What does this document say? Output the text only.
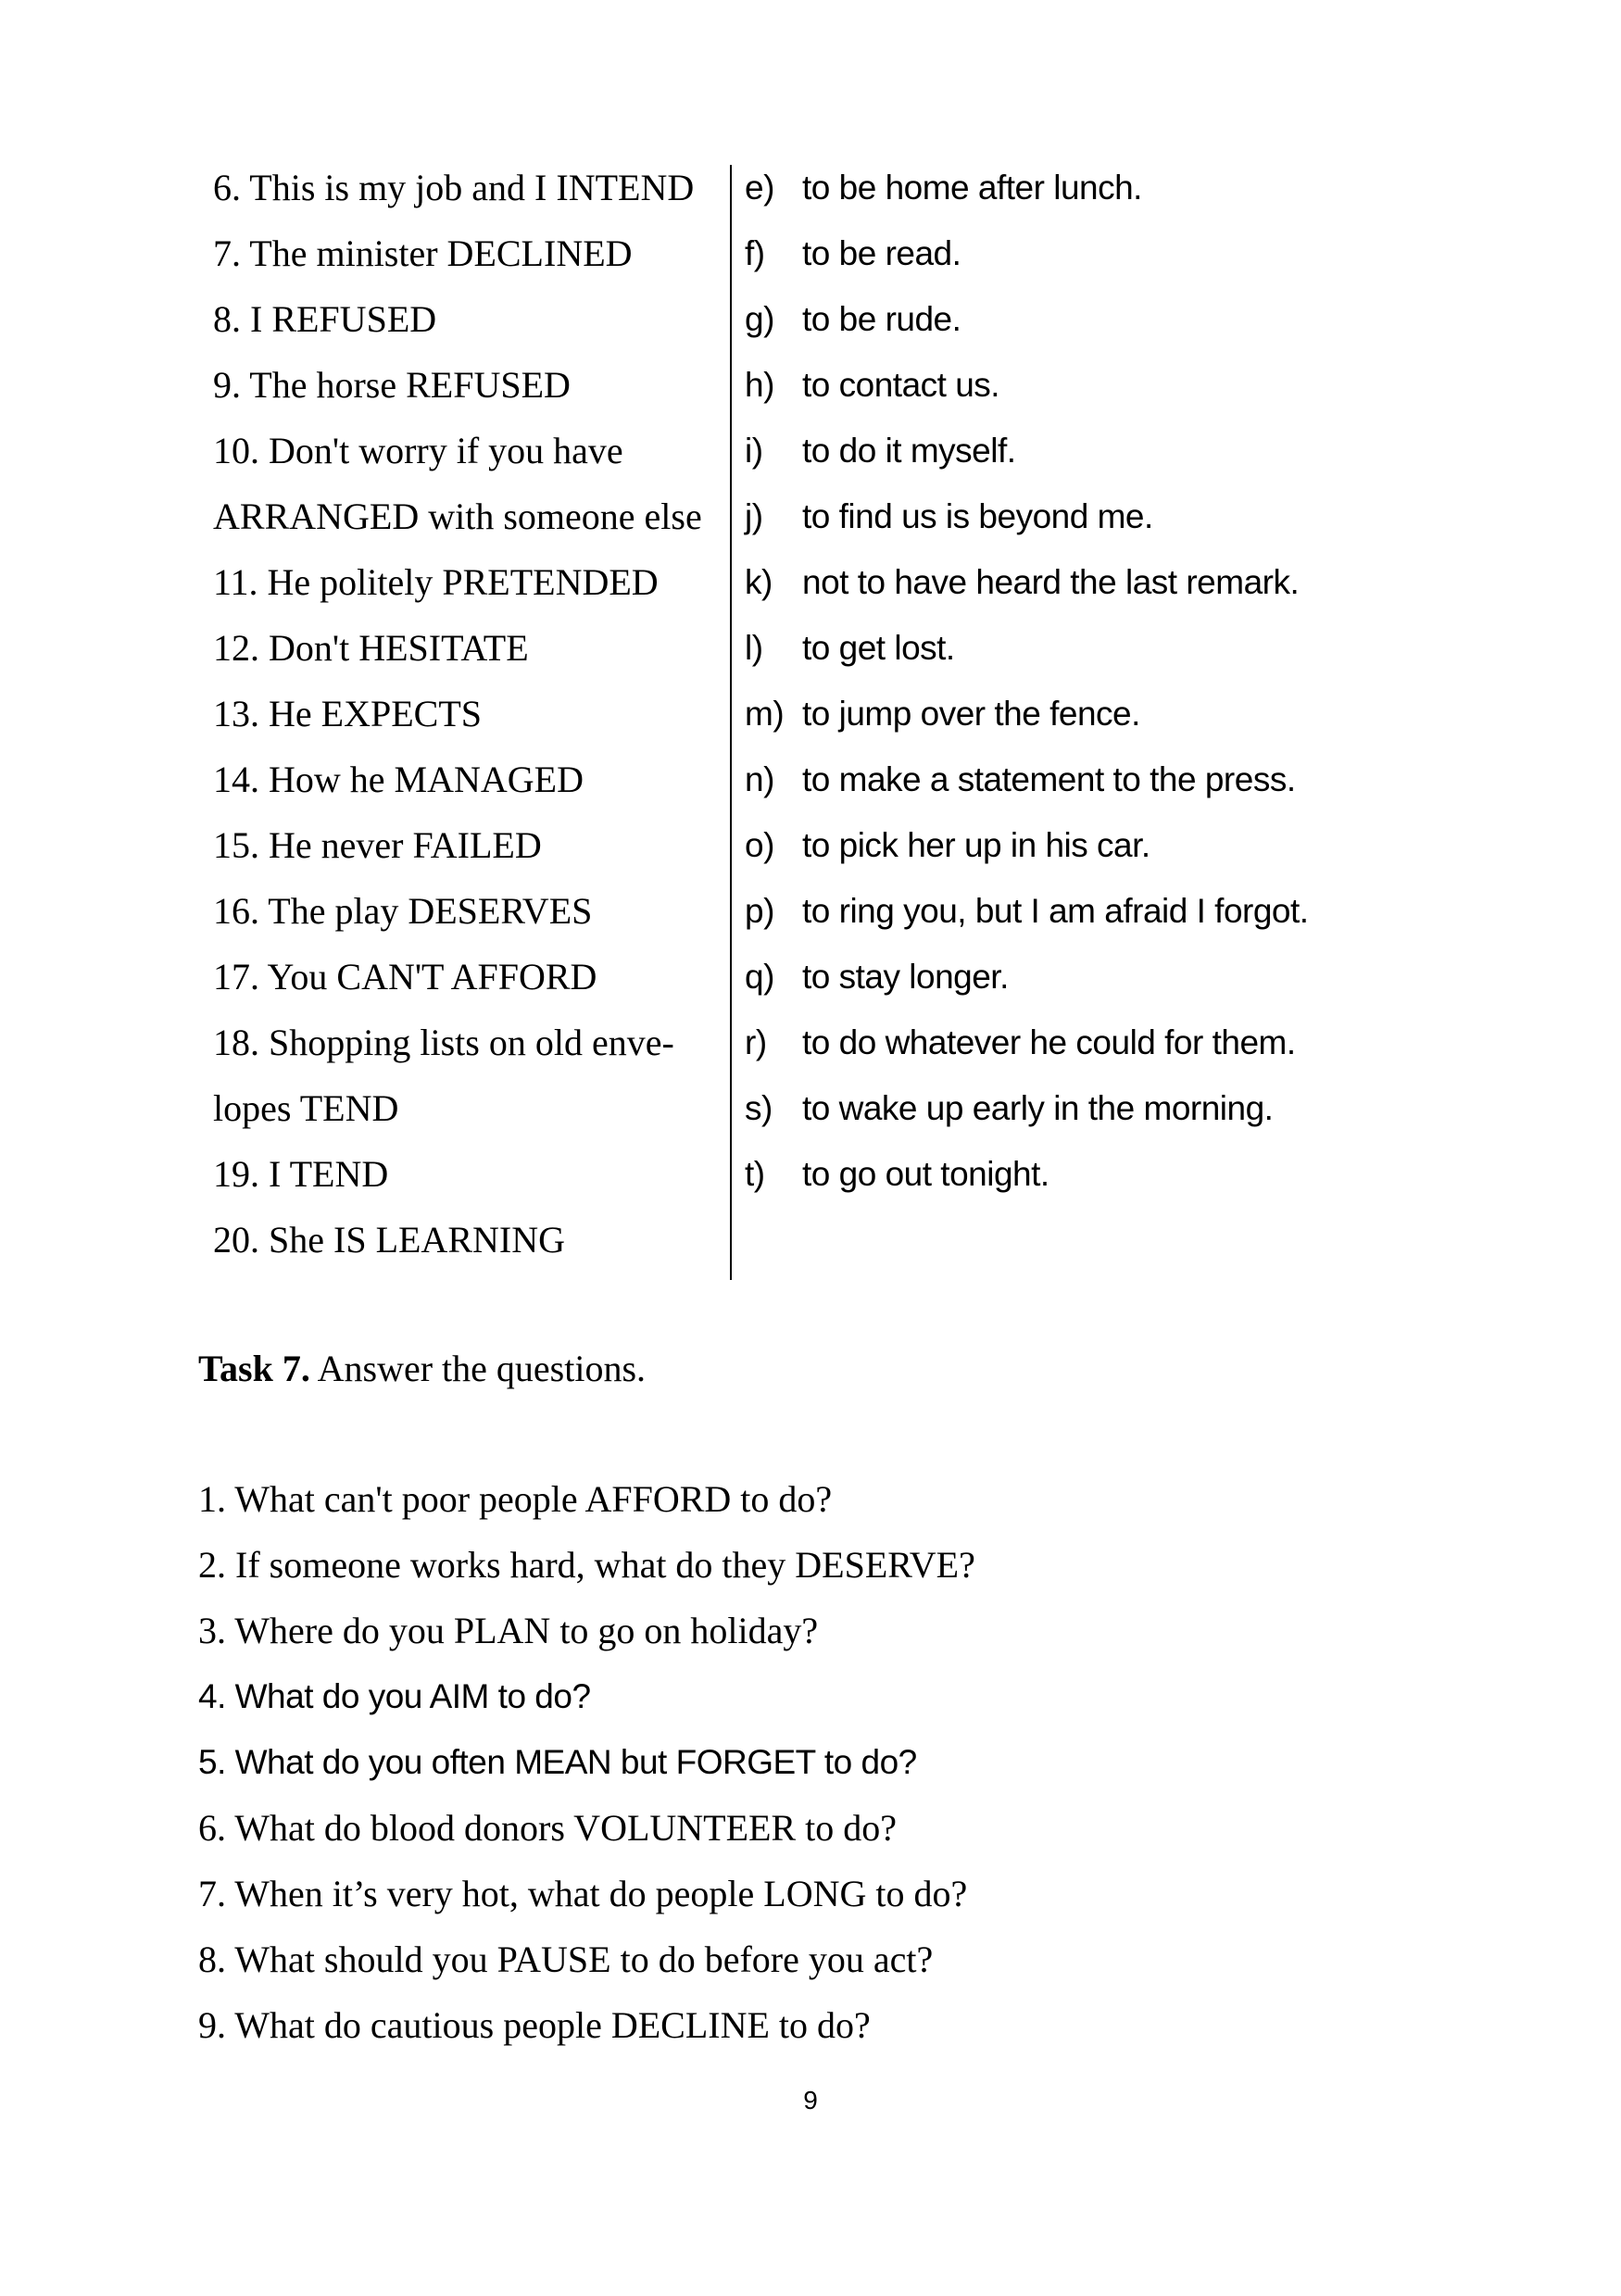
6. This is my job and I INTEND
7. The minister DECLINED
8. I REFUSED
9. The horse REFUSED
10. Don't worry if you have
ARRANGED with someone else
11. He politely PRETENDED
12. Don't HESITATE
13. He EXPECTS
14. How he MANAGED
15. He never FAILED
16. The play DESERVES
17. You CAN'T AFFORD
18. Shopping lists on old enve-
lopes TEND
19. I TEND
20. She IS LEARNING
e) to be home after lunch.
f) to be read.
g) to be rude.
h) to contact us.
i) to do it myself.
j) to find us is beyond me.
k) not to have heard the last remark.
l) to get lost.
m) to jump over the fence.
n) to make a statement to the press.
o) to pick her up in his car.
p) to ring you, but I am afraid I forgot.
q) to stay longer.
r) to do whatever he could for them.
s) to wake up early in the morning.
t) to go out tonight.
Task 7. Answer the questions.
1. What can't poor people AFFORD to do?
2. If someone works hard, what do they DESERVE?
3. Where do you PLAN to go on holiday?
4. What do you AIM to do?
5. What do you often MEAN but FORGET to do?
6. What do blood donors VOLUNTEER to do?
7. When it’s very hot, what do people LONG to do?
8. What should you PAUSE to do before you act?
9. What do cautious people DECLINE to do?
9
